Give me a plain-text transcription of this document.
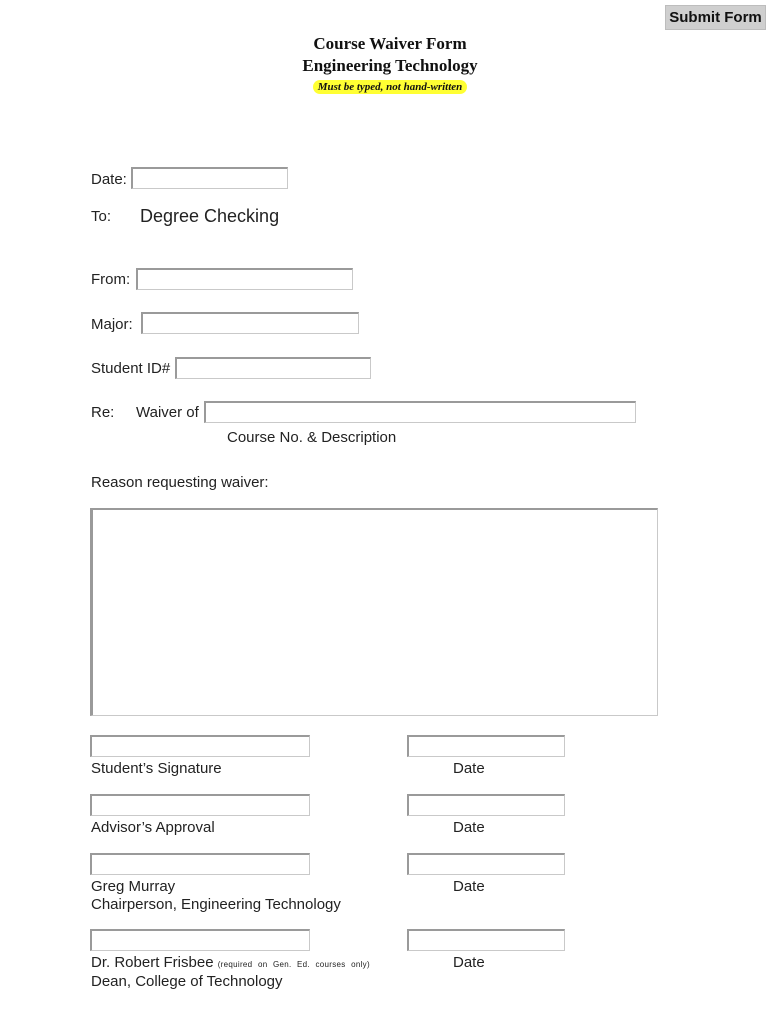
Submit Form
Course Waiver Form
Engineering Technology
Must be typed, not hand-written
Date:
To: Degree Checking
From:
Major:
Student ID#
Re: Waiver of
Course No. & Description
Reason requesting waiver:
Student’s Signature	Date
Advisor’s Approval	Date
Greg Murray
Chairperson, Engineering Technology
Date
Dr. Robert Frisbee (required on Gen. Ed. courses only)
Dean, College of Technology
Date
